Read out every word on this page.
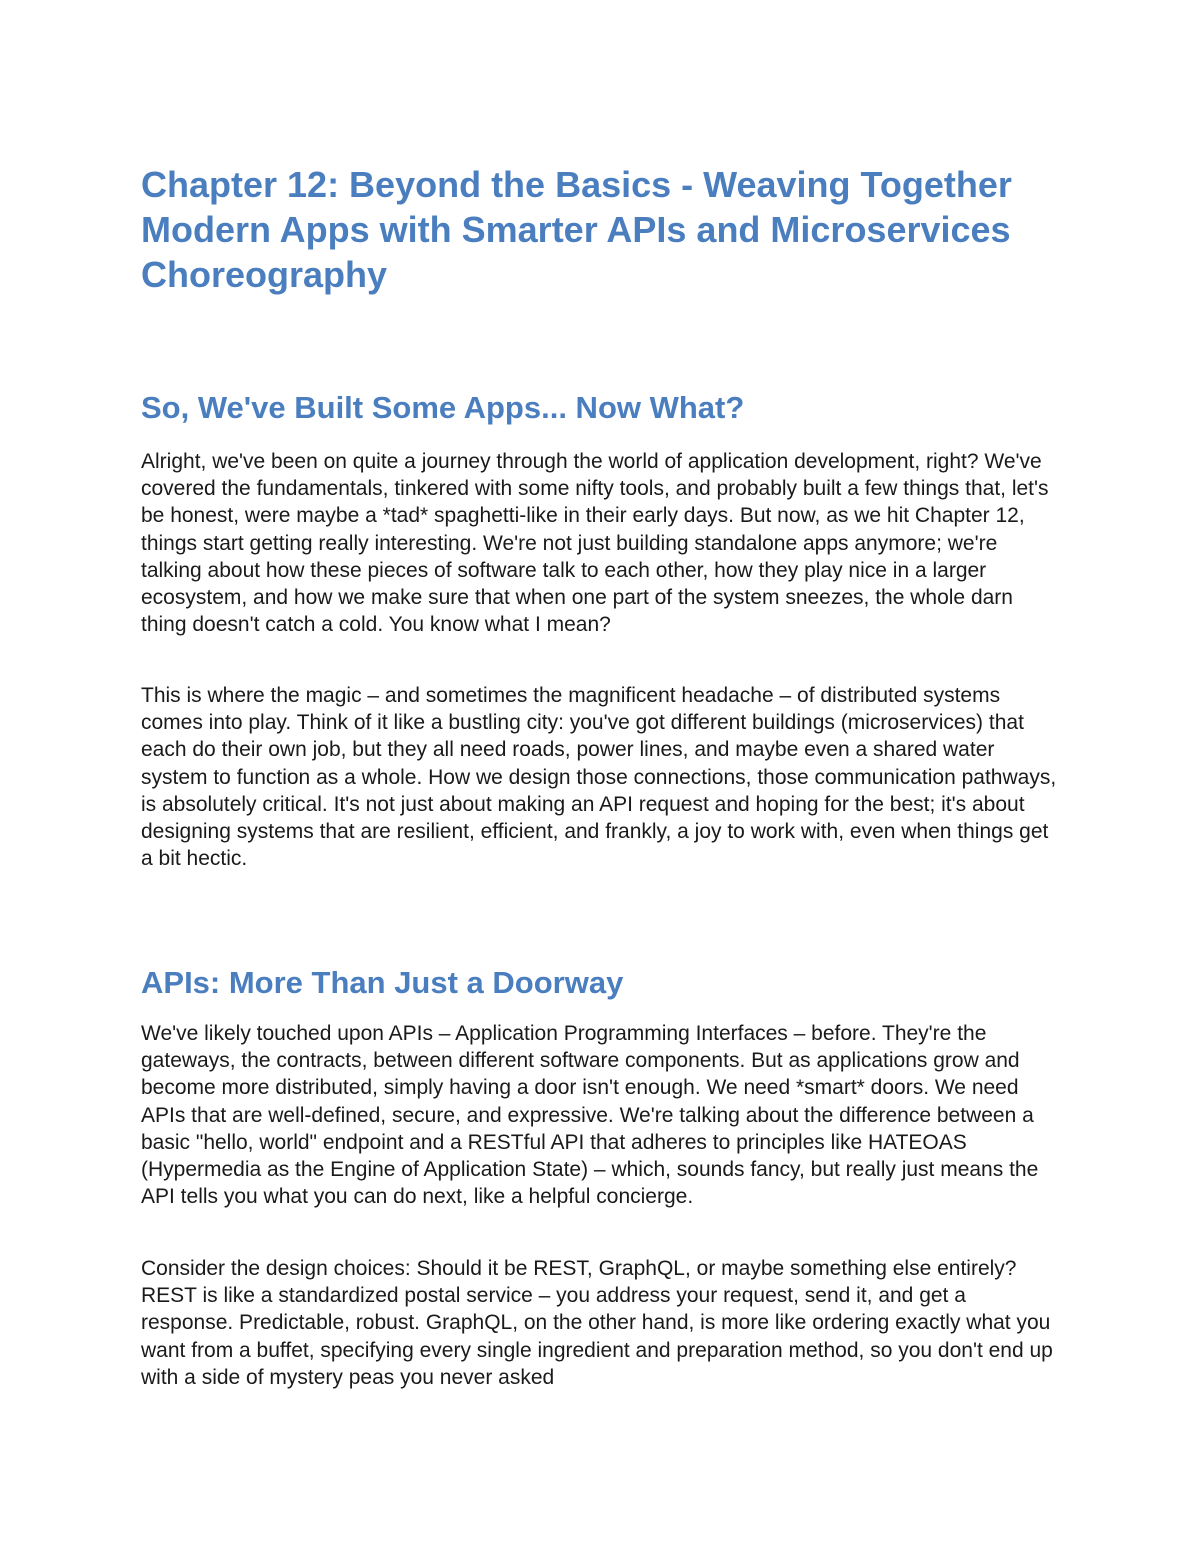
Chapter 12: Beyond the Basics - Weaving Together Modern Apps with Smarter APIs and Microservices Choreography
So, We've Built Some Apps... Now What?

Alright, we've been on quite a journey through the world of application development, right? We've covered the fundamentals, tinkered with some nifty tools, and probably built a few things that, let's be honest, were maybe a *tad* spaghetti-like in their early days. But now, as we hit Chapter 12, things start getting really interesting. We're not just building standalone apps anymore; we're talking about how these pieces of software talk to each other, how they play nice in a larger ecosystem, and how we make sure that when one part of the system sneezes, the whole darn thing doesn't catch a cold. You know what I mean?

This is where the magic – and sometimes the magnificent headache – of distributed systems comes into play. Think of it like a bustling city: you've got different buildings (microservices) that each do their own job, but they all need roads, power lines, and maybe even a shared water system to function as a whole. How we design those connections, those communication pathways, is absolutely critical. It's not just about making an API request and hoping for the best; it's about designing systems that are resilient, efficient, and frankly, a joy to work with, even when things get a bit hectic.

APIs: More Than Just a Doorway

We've likely touched upon APIs – Application Programming Interfaces – before. They're the gateways, the contracts, between different software components. But as applications grow and become more distributed, simply having a door isn't enough. We need *smart* doors. We need APIs that are well-defined, secure, and expressive. We're talking about the difference between a basic "hello, world" endpoint and a RESTful API that adheres to principles like HATEOAS (Hypermedia as the Engine of Application State) – which, sounds fancy, but really just means the API tells you what you can do next, like a helpful concierge.

Consider the design choices: Should it be REST, GraphQL, or maybe something else entirely? REST is like a standardized postal service – you address your request, send it, and get a response. Predictable, robust. GraphQL, on the other hand, is more like ordering exactly what you want from a buffet, specifying every single ingredient and preparation method, so you don't end up with a side of mystery peas you never asked
